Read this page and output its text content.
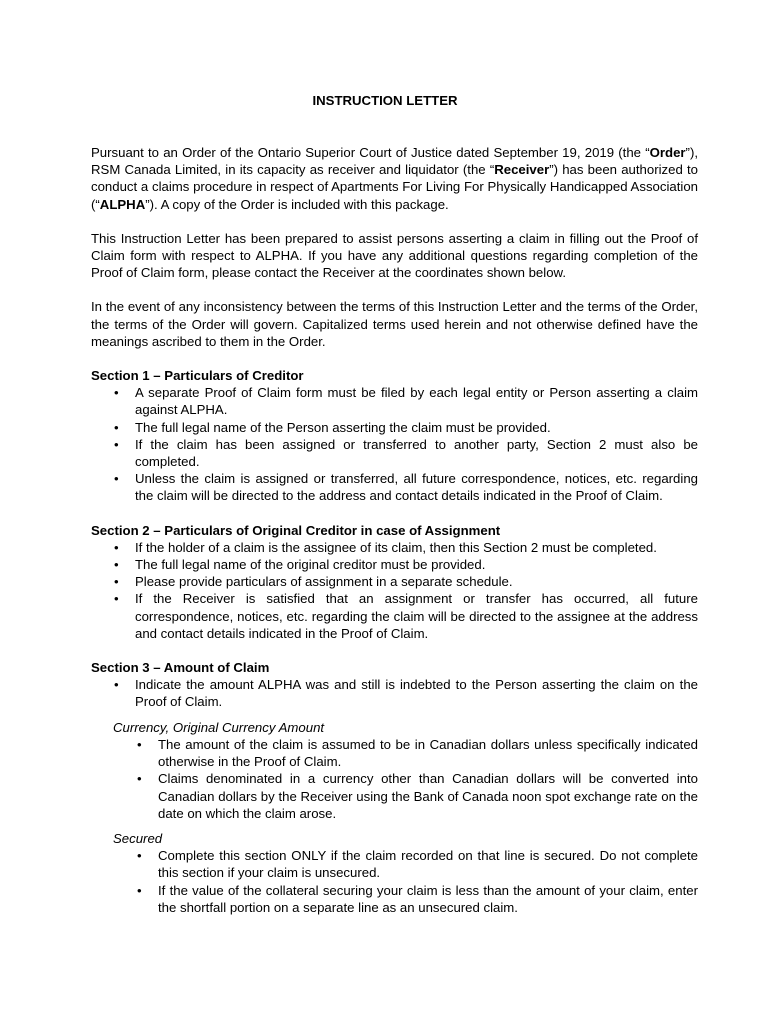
INSTRUCTION LETTER

Pursuant to an Order of the Ontario Superior Court of Justice dated September 19, 2019 (the “Order”), RSM Canada Limited, in its capacity as receiver and liquidator (the “Receiver”) has been authorized to conduct a claims procedure in respect of Apartments For Living For Physically Handicapped Association (“ALPHA”). A copy of the Order is included with this package.

This Instruction Letter has been prepared to assist persons asserting a claim in filling out the Proof of Claim form with respect to ALPHA. If you have any additional questions regarding completion of the Proof of Claim form, please contact the Receiver at the coordinates shown below.

In the event of any inconsistency between the terms of this Instruction Letter and the terms of the Order, the terms of the Order will govern. Capitalized terms used herein and not otherwise defined have the meanings ascribed to them in the Order.

Section 1 – Particulars of Creditor

• A separate Proof of Claim form must be filed by each legal entity or Person asserting a claim against ALPHA.
• The full legal name of the Person asserting the claim must be provided.
• If the claim has been assigned or transferred to another party, Section 2 must also be completed.
• Unless the claim is assigned or transferred, all future correspondence, notices, etc. regarding the claim will be directed to the address and contact details indicated in the Proof of Claim.

Section 2 – Particulars of Original Creditor in case of Assignment

• If the holder of a claim is the assignee of its claim, then this Section 2 must be completed.
• The full legal name of the original creditor must be provided.
• Please provide particulars of assignment in a separate schedule.
• If the Receiver is satisfied that an assignment or transfer has occurred, all future correspondence, notices, etc. regarding the claim will be directed to the assignee at the address and contact details indicated in the Proof of Claim.

Section 3 – Amount of Claim

• Indicate the amount ALPHA was and still is indebted to the Person asserting the claim on the Proof of Claim.

Currency, Original Currency Amount

• The amount of the claim is assumed to be in Canadian dollars unless specifically indicated otherwise in the Proof of Claim.
• Claims denominated in a currency other than Canadian dollars will be converted into Canadian dollars by the Receiver using the Bank of Canada noon spot exchange rate on the date on which the claim arose.

Secured

• Complete this section ONLY if the claim recorded on that line is secured. Do not complete this section if your claim is unsecured.
• If the value of the collateral securing your claim is less than the amount of your claim, enter the shortfall portion on a separate line as an unsecured claim.
